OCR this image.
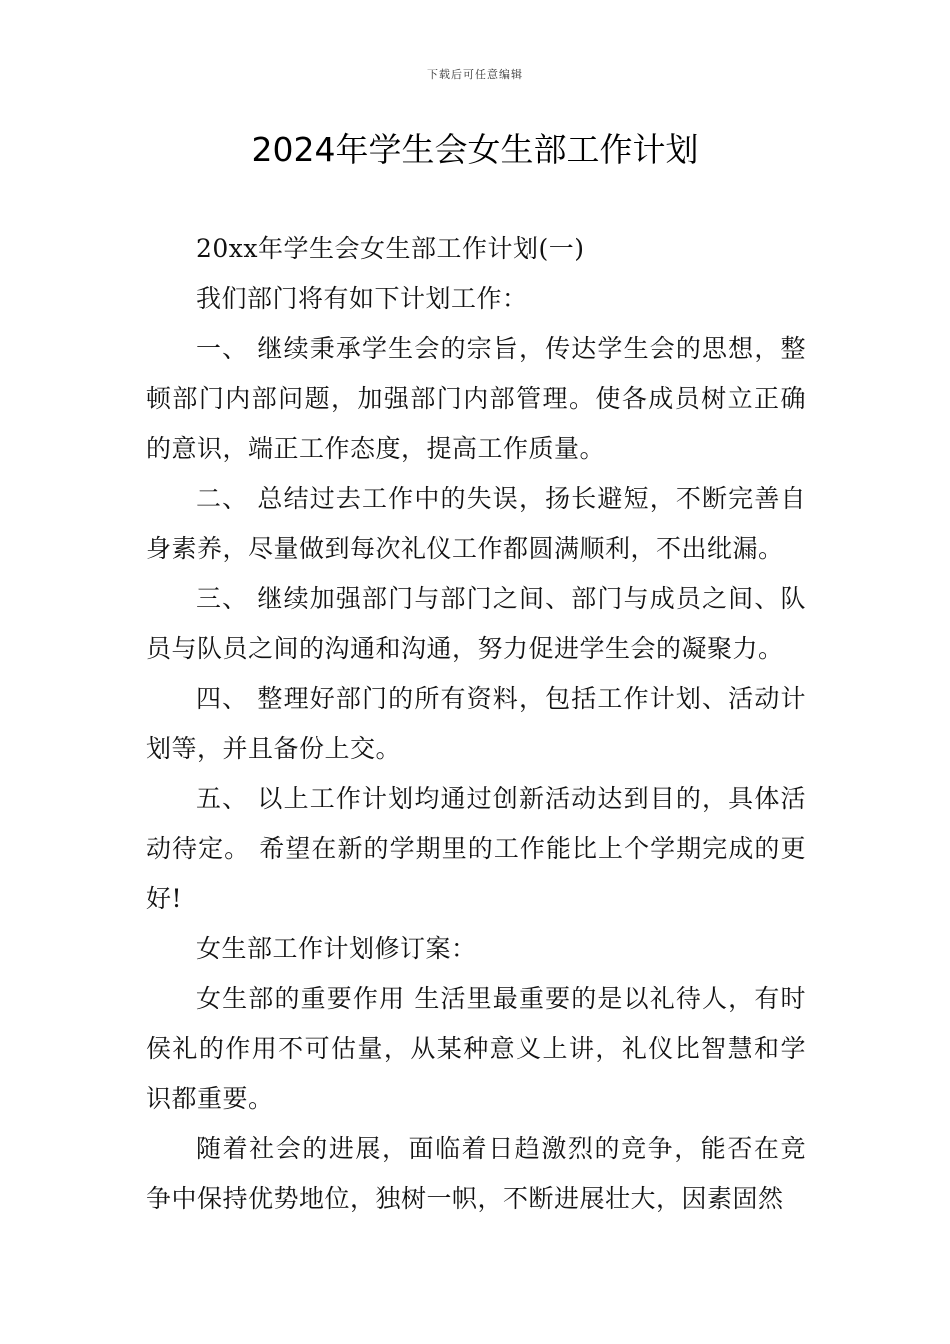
下载后可任意编辑
2024年学生会女生部工作计划

20xx年学生会女生部工作计划(一)

我们部门将有如下计划工作：

一、 继续秉承学生会的宗旨，传达学生会的思想，整顿部门内部问题，加强部门内部管理。使各成员树立正确的意识，端正工作态度，提高工作质量。

二、 总结过去工作中的失误，扬长避短，不断完善自身素养，尽量做到每次礼仪工作都圆满顺利，不出纰漏。

三、 继续加强部门与部门之间、部门与成员之间、队员与队员之间的沟通和沟通，努力促进学生会的凝聚力。

四、 整理好部门的所有资料，包括工作计划、活动计划等，并且备份上交。

五、 以上工作计划均通过创新活动达到目的，具体活动待定。 希望在新的学期里的工作能比上个学期完成的更好!

女生部工作计划修订案：

女生部的重要作用 生活里最重要的是以礼待人，有时侯礼的作用不可估量，从某种意义上讲，礼仪比智慧和学识都重要。

随着社会的进展，面临着日趋激烈的竞争，能否在竞争中保持优势地位，独树一帜，不断进展壮大，因素固然
